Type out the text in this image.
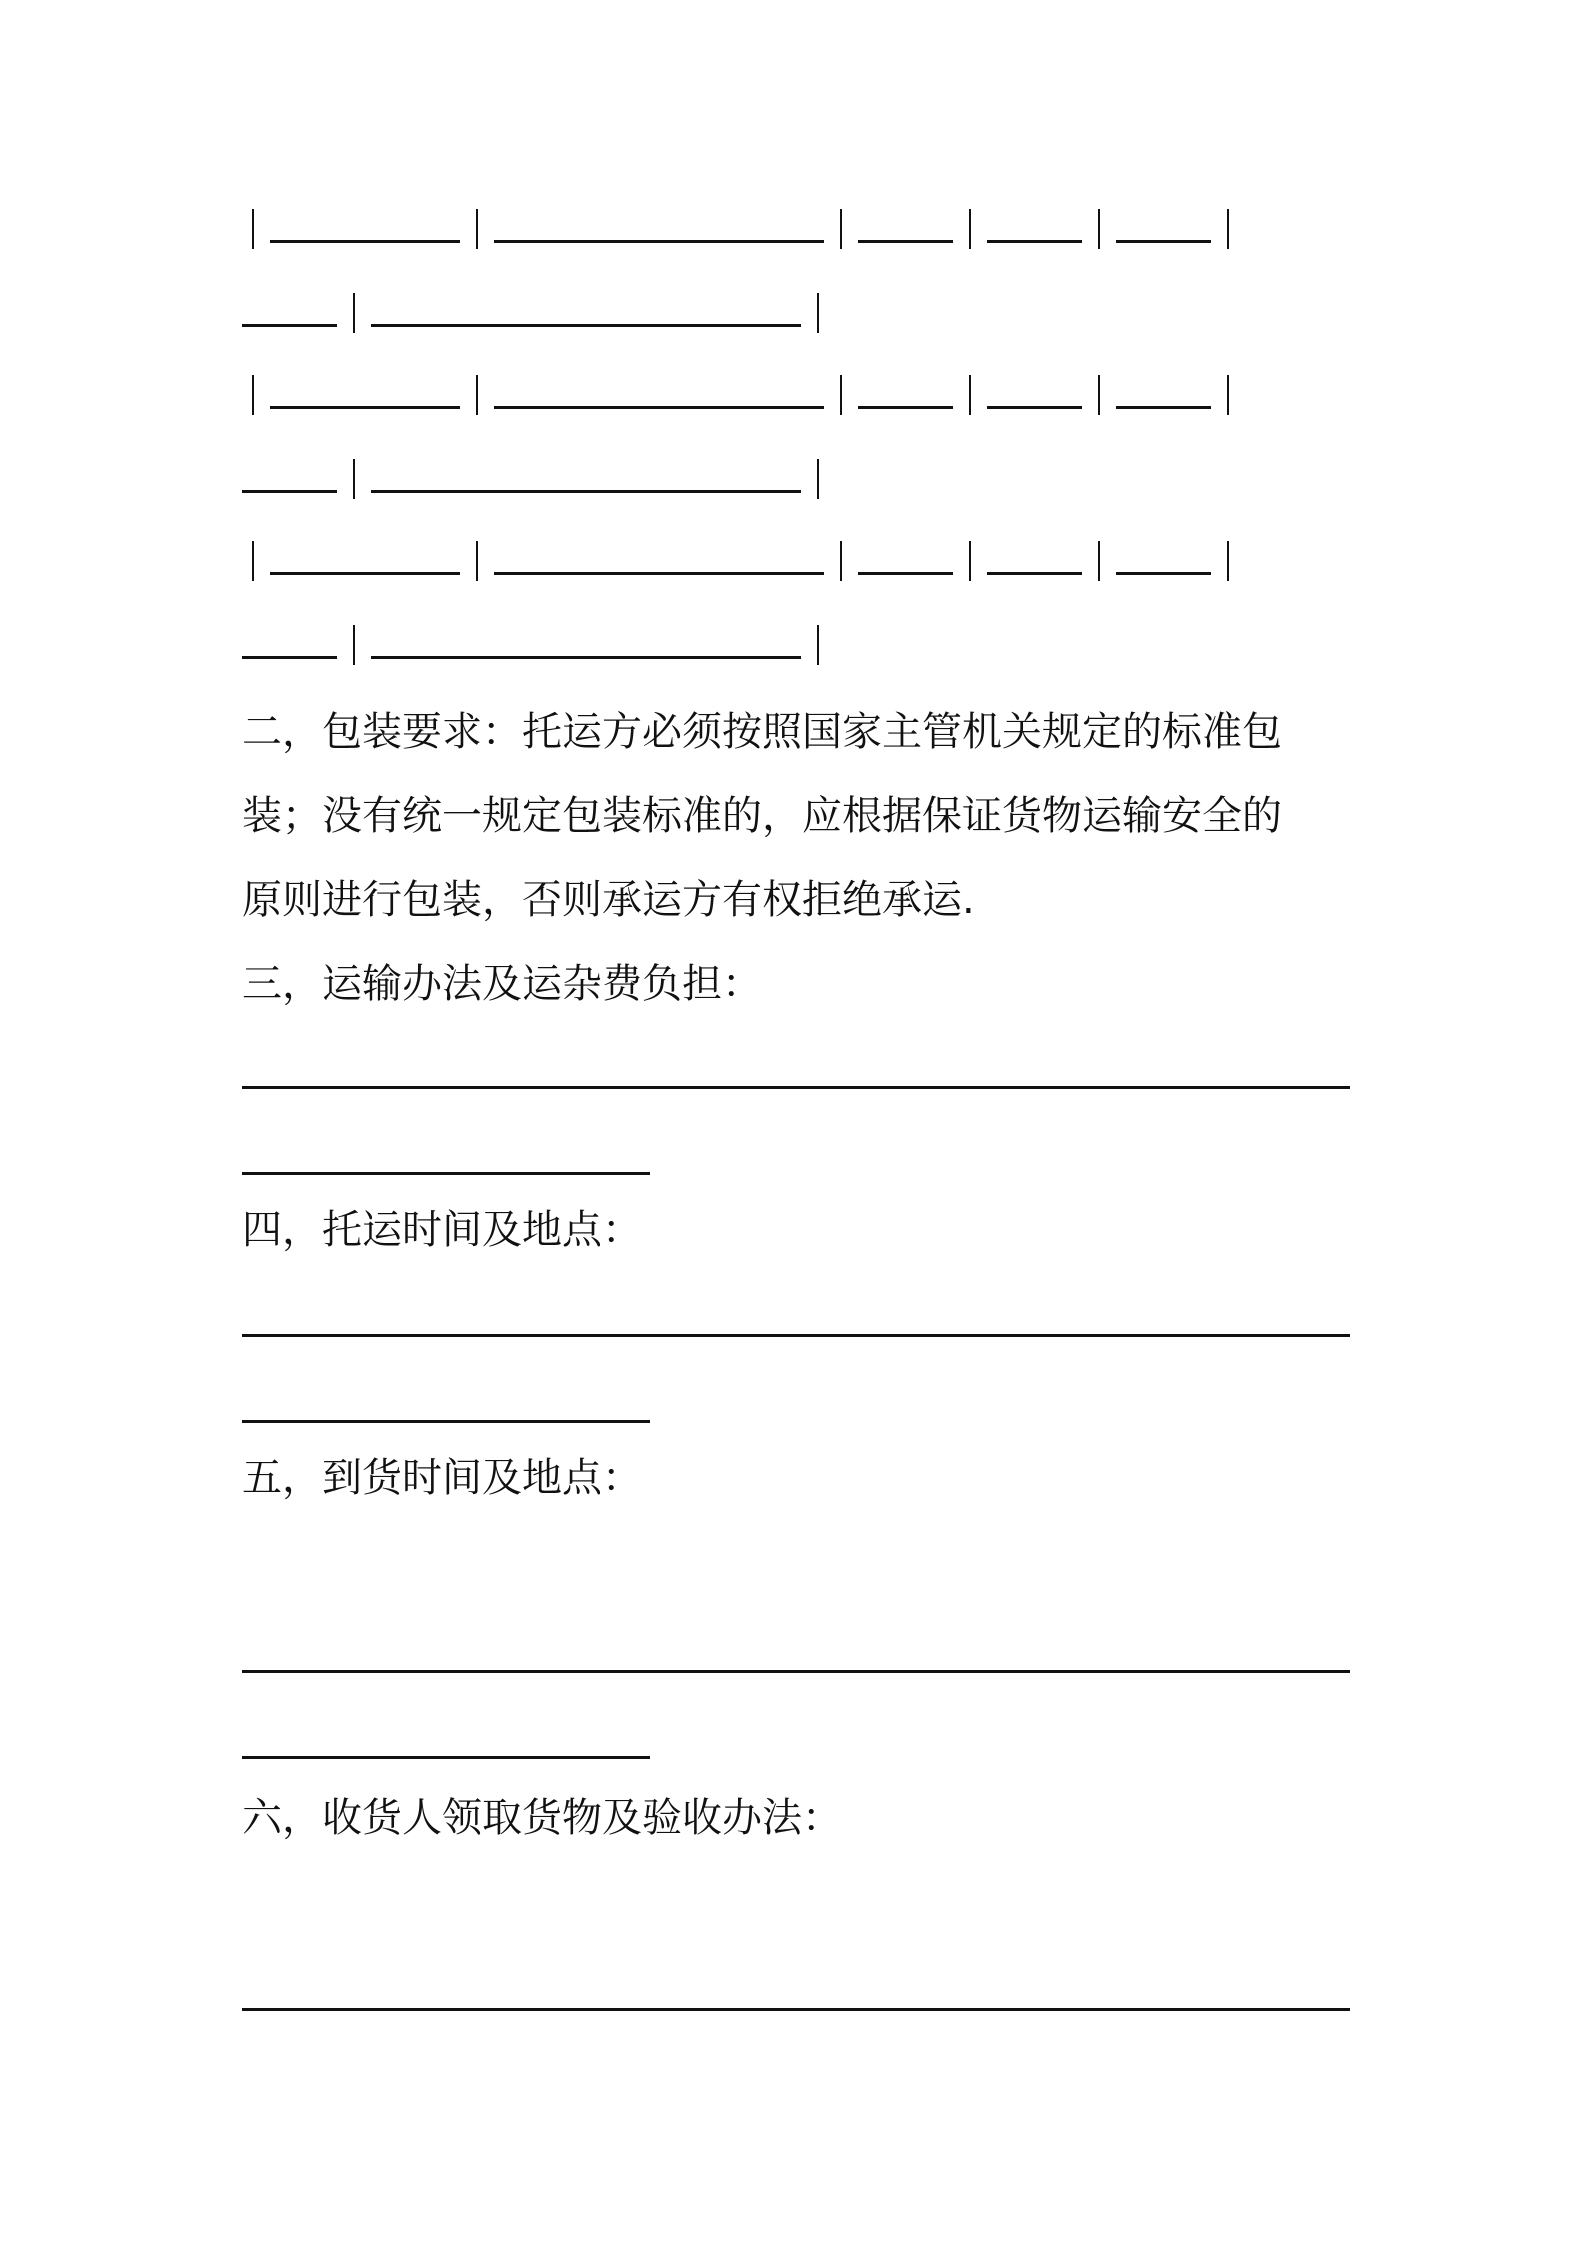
二，包装要求：托运方必须按照国家主管机关规定的标准包
装；没有统一规定包装标准的，应根据保证货物运输安全的
原则进行包装，否则承运方有权拒绝承运.
三，运输办法及运杂费负担：
四，托运时间及地点：
五，到货时间及地点：
六，收货人领取货物及验收办法：
